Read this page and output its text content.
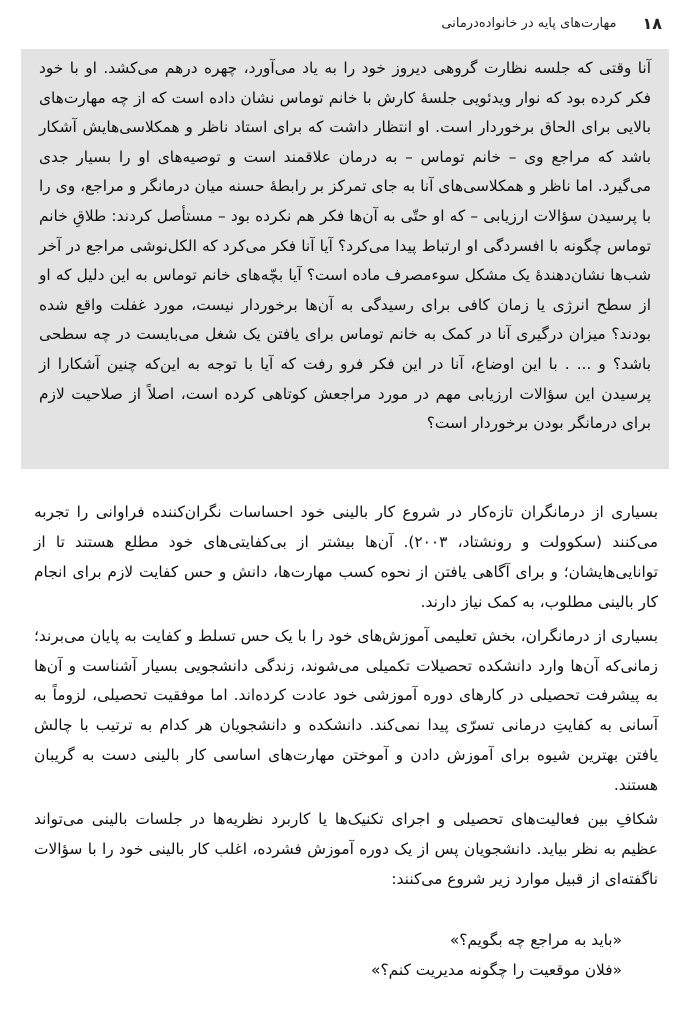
۱۸
مهارت‌های پایه در خانواده‌درمانی

آنا وقتی که جلسه نظارت گروهی دیروز خود را به یاد می‌آورد، چهره درهم می‌کشد. او با خود فکر کرده بود که نوار ویدئویی جلسهٔ کارش با خانم توماس نشان داده است که از چه مهارت‌های بالایی برای الحاق برخوردار است. او انتظار داشت که برای استاد ناظر و همکلاسی‌هایش آشکار باشد که مراجع وی – خانم توماس – به درمان علاقمند است و توصیه‌های او را بسیار جدی می‌گیرد. اما ناظر و همکلاسی‌های آنا به جای تمرکز بر رابطهٔ حسنه میان درمانگر و مراجع، وی را با پرسیدن سؤالات ارزیابی – که او حتّی به آن‌ها فکر هم نکرده بود – مستأصل کردند: طلاقِ خانم توماس چگونه با افسردگی او ارتباط پیدا می‌کرد؟ آیا آنا فکر می‌کرد که الکل‌نوشی مراجع در آخر شب‌ها نشان‌دهندهٔ یک مشکل سوءمصرف ماده است؟ آیا بچّه‌های خانم توماس به این دلیل که او از سطح انرژی یا زمان کافی برای رسیدگی به آن‌ها برخوردار نیست، مورد غفلت واقع شده بودند؟ میزان درگیری آنا در کمک به خانم توماس برای یافتن یک شغل می‌بایست در چه سطحی باشد؟ و ... . با این اوضاع، آنا در این فکر فرو رفت که آیا با توجه به این‌که چنین آشکارا از پرسیدن این سؤالات ارزیابی مهم در مورد مراجعش کوتاهی کرده است، اصلاً از صلاحیت لازم برای درمانگر بودن برخوردار است؟

بسیاری از درمانگران تازه‌کار در شروع کار بالینی خود احساسات نگران‌کننده فراوانی را تجربه می‌کنند (سکوولت و رونشتاد، ۲۰۰۳). آن‌ها بیشتر از بی‌کفایتی‌های خود مطلع هستند تا از توانایی‌هایشان؛ و برای آگاهی یافتن از نحوه کسب مهارت‌ها، دانش و حس کفایت لازم برای انجام کار بالینی مطلوب، به کمک نیاز دارند.

بسیاری از درمانگران، بخش تعلیمی آموزش‌های خود را با یک حس تسلط و کفایت به پایان می‌برند؛ زمانی‌که آن‌ها وارد دانشکده تحصیلات تکمیلی می‌شوند، زندگی دانشجویی بسیار آشناست و آن‌ها به پیشرفت تحصیلی در کارهای دوره آموزشی خود عادت کرده‌اند. اما موفقیت تحصیلی، لزوماً به آسانی به کفایتِ درمانی تسرّی پیدا نمی‌کند. دانشکده و دانشجویان هر کدام به ترتیب با چالش یافتن بهترین شیوه برای آموزش دادن و آموختن مهارت‌های اساسی کار بالینی دست به گریبان هستند.

شکافِ بین فعالیت‌های تحصیلی و اجرای تکنیک‌ها یا کاربرد نظریه‌ها در جلسات بالینی می‌تواند عظیم به نظر بیاید. دانشجویان پس از یک دوره آموزش فشرده، اغلب کار بالینی خود را با سؤالات ناگفته‌ای از قبیل موارد زیر شروع می‌کنند:

«باید به مراجع چه بگویم؟»
«فلان موقعیت را چگونه مدیریت کنم؟»
